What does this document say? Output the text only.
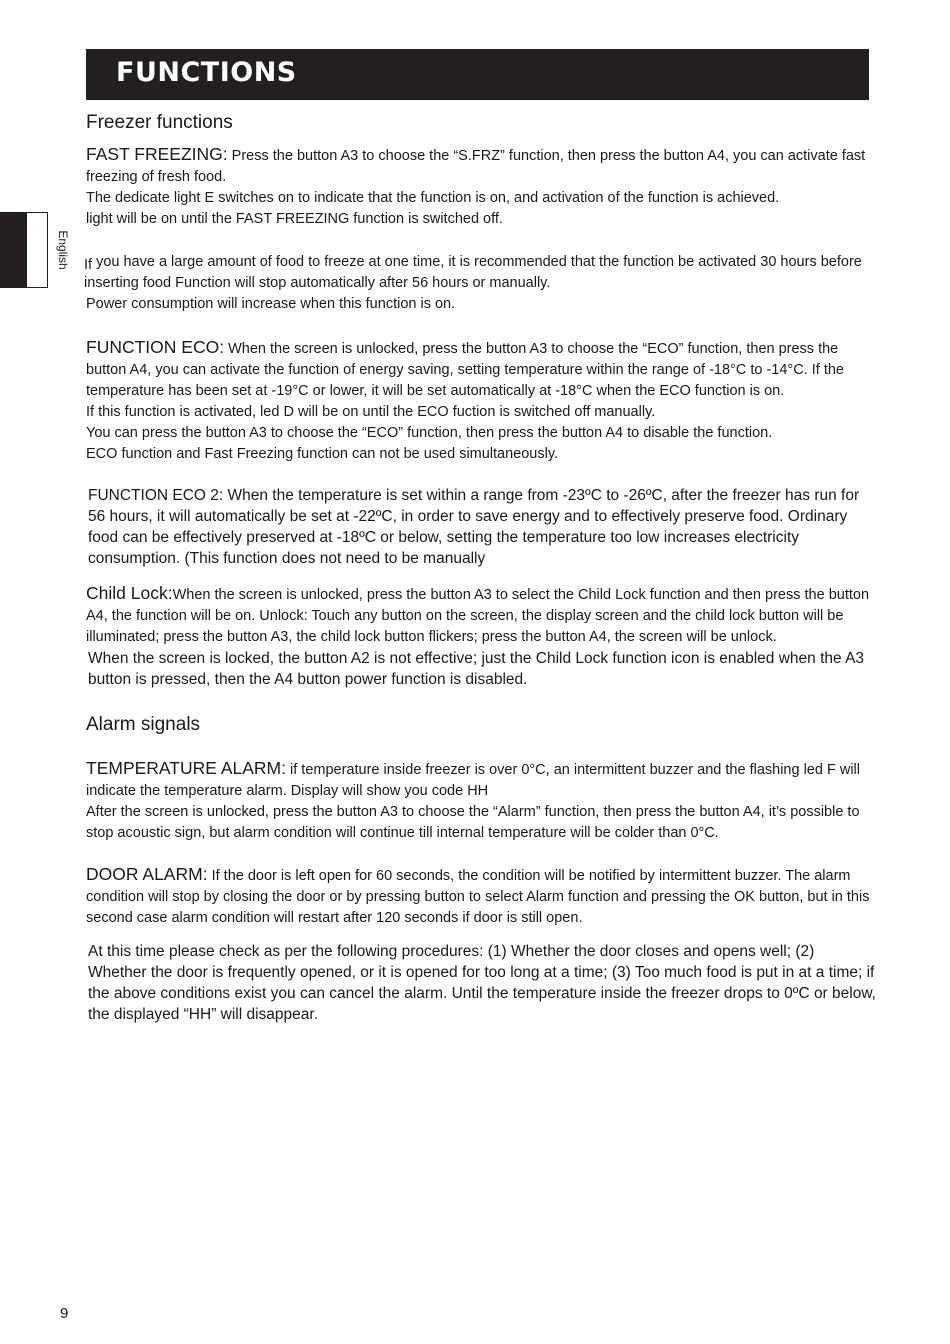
FUNCTIONS
English
Freezer functions

FAST FREEZING: Press the button A3 to choose the “S.FRZ” function, then press the button A4, you can activate fast freezing of fresh food.

The dedicate light E switches on to indicate that the function is on, and activation of the function is achieved.

light will be on until the FAST FREEZING function is switched off.

If you have a large amount of food to freeze at one time, it is recommended that the function be activated 30 hours before inserting food Function will stop automatically after 56 hours or manually.

Power consumption will increase when this function is on.

FUNCTION ECO: When the screen is unlocked, press the button A3 to choose the “ECO” function, then press the button A4, you can activate the function of energy saving, setting temperature within the range of -18°C to -14°C. If the temperature has been set at -19°C or lower, it will be set automatically at -18°C when the ECO function is on.

If this function is activated, led D will be on until the ECO fuction is switched off manually.

You can press the button A3 to choose the “ECO” function, then press the button A4 to disable the function.

ECO function and Fast Freezing function can not be used simultaneously.

FUNCTION ECO 2: When the temperature is set within a range from -23ºC to -26ºC, after the freezer has run for 56 hours, it will automatically be set at -22ºC, in order to save energy and to effectively preserve food. Ordinary food can be effectively preserved at -18ºC or below, setting the temperature too low increases electricity consumption. (This function does not need to be manually

Child Lock:When the screen is unlocked, press the button A3 to select the Child Lock function and then press the button A4, the function will be on. Unlock: Touch any button on the screen, the display screen and the child lock button will be illuminated; press the button A3, the child lock button flickers; press the button A4, the screen will be unlock.

When the screen is locked, the button A2 is not effective; just the Child Lock function icon is enabled when the A3 button is pressed, then the A4 button power function is disabled.

Alarm signals

TEMPERATURE ALARM: if temperature inside freezer is over 0°C, an intermittent buzzer and the flashing led F will indicate the temperature alarm. Display will show you code HH

After the screen is unlocked, press the button A3 to choose the “Alarm” function, then press the button A4, it’s possible to stop acoustic sign, but alarm condition will continue till internal temperature will be colder than 0°C.

DOOR ALARM: If the door is left open for 60 seconds, the condition will be notified by intermittent buzzer. The alarm condition will stop by closing the door or by pressing button to select Alarm function and pressing the OK button, but in this second case alarm condition will restart after 120 seconds if door is still open.

At this time please check as per the following procedures: (1) Whether the door closes and opens well; (2) Whether the door is frequently opened, or it is opened for too long at a time; (3) Too much food is put in at a time; if the above conditions exist you can cancel the alarm. Until the temperature inside the freezer drops to 0ºC or below, the displayed “HH” will disappear.

9
